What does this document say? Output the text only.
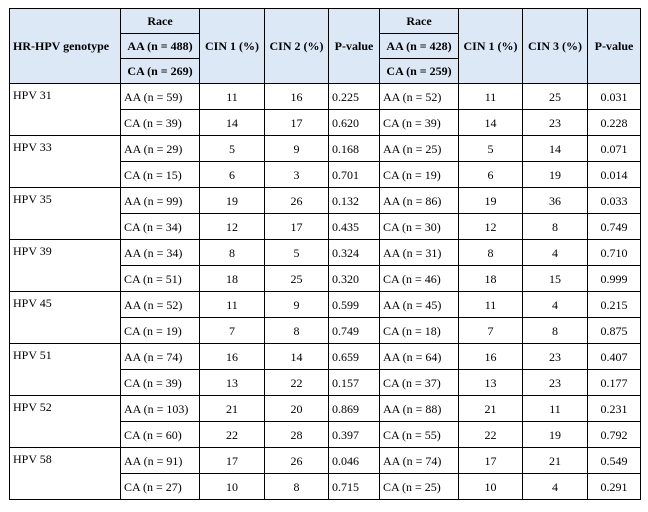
HR-HPV genotype	Race	CIN 1 (%)	CIN 2 (%)	P-value	Race	CIN 1 (%)	CIN 3 (%)	P-value
	AA (n = 488)				AA (n = 428)			
	CA (n = 269)				CA (n = 259)			
HPV 31	AA (n = 59)	11	16	0.225	AA (n = 52)	11	25	0.031
	CA (n = 39)	14	17	0.620	CA (n = 39)	14	23	0.228
HPV 33	AA (n = 29)	5	9	0.168	AA (n = 25)	5	14	0.071
	CA (n = 15)	6	3	0.701	CA (n = 19)	6	19	0.014
HPV 35	AA (n = 99)	19	26	0.132	AA (n = 86)	19	36	0.033
	CA (n = 34)	12	17	0.435	CA (n = 30)	12	8	0.749
HPV 39	AA (n = 34)	8	5	0.324	AA (n = 31)	8	4	0.710
	CA (n = 51)	18	25	0.320	CA (n = 46)	18	15	0.999
HPV 45	AA (n = 52)	11	9	0.599	AA (n = 45)	11	4	0.215
	CA (n = 19)	7	8	0.749	CA (n = 18)	7	8	0.875
HPV 51	AA (n = 74)	16	14	0.659	AA (n = 64)	16	23	0.407
	CA (n = 39)	13	22	0.157	CA (n = 37)	13	23	0.177
HPV 52	AA (n = 103)	21	20	0.869	AA (n = 88)	21	11	0.231
	CA (n = 60)	22	28	0.397	CA (n = 55)	22	19	0.792
HPV 58	AA (n = 91)	17	26	0.046	AA (n = 74)	17	21	0.549
	CA (n = 27)	10	8	0.715	CA (n = 25)	10	4	0.291
